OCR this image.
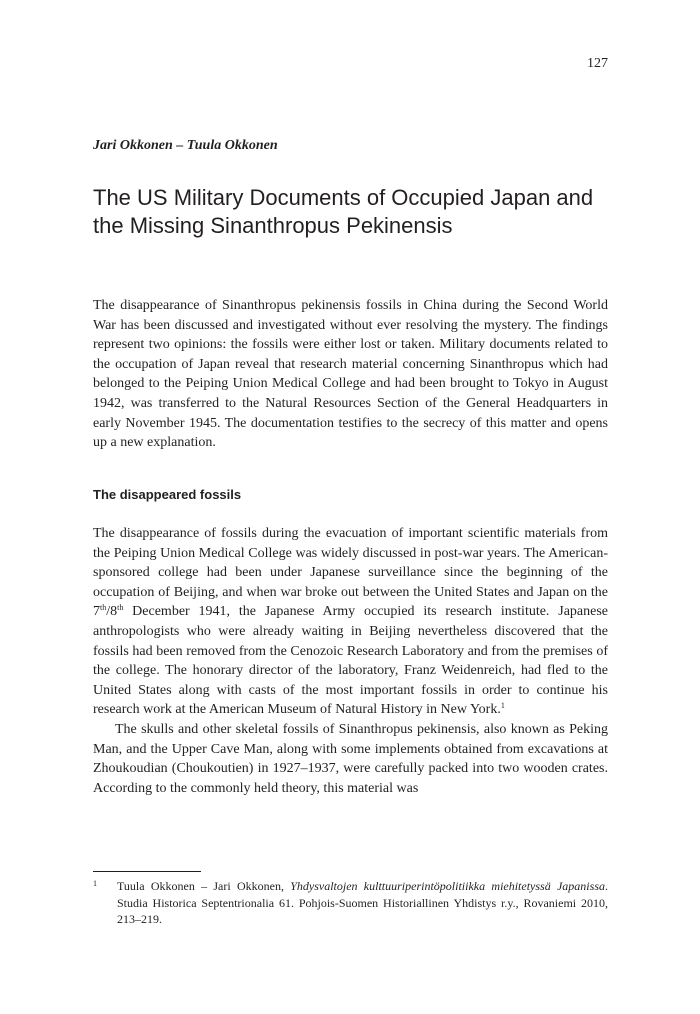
127
Jari Okkonen – Tuula Okkonen
The US Military Documents of Occupied Japan and
the Missing Sinanthropus Pekinensis

The disappearance of Sinanthropus pekinensis fossils in China during the Second World War has been discussed and investigated without ever resolving the mystery. The findings represent two opinions: the fossils were either lost or taken. Military documents related to the occupation of Japan reveal that research material concerning Sinanthropus which had belonged to the Peiping Union Medical College and had been brought to Tokyo in August 1942, was transferred to the Natural Resources Section of the General Headquarters in early November 1945. The documentation testifies to the secrecy of this matter and opens up a new explanation.

The disappeared fossils

The disappearance of fossils during the evacuation of important scientific materials from the Peiping Union Medical College was widely discussed in post-war years. The American-sponsored college had been under Japanese surveillance since the beginning of the occupation of Beijing, and when war broke out between the United States and Japan on the 7th/8th December 1941, the Japanese Army occupied its research institute. Japanese anthropologists who were already waiting in Beijing nevertheless discovered that the fossils had been removed from the Cenozoic Research Laboratory and from the premises of the college. The honorary director of the laboratory, Franz Weidenreich, had fled to the United States along with casts of the most important fossils in order to continue his research work at the American Museum of Natural History in New York.$^1$

The skulls and other skeletal fossils of Sinanthropus pekinensis, also known as Peking Man, and the Upper Cave Man, along with some implements obtained from excavations at Zhoukoudian (Choukoutien) in 1927–1937, were carefully packed into two wooden crates. According to the commonly held theory, this material was

1 Tuula Okkonen – Jari Okkonen, Yhdysvaltojen kulttuuriperintöpolitiikka miehitetyssä Japanissa. Studia Historica Septentrionalia 61. Pohjois-Suomen Historiallinen Yhdistys r.y., Rovaniemi 2010, 213–219.
